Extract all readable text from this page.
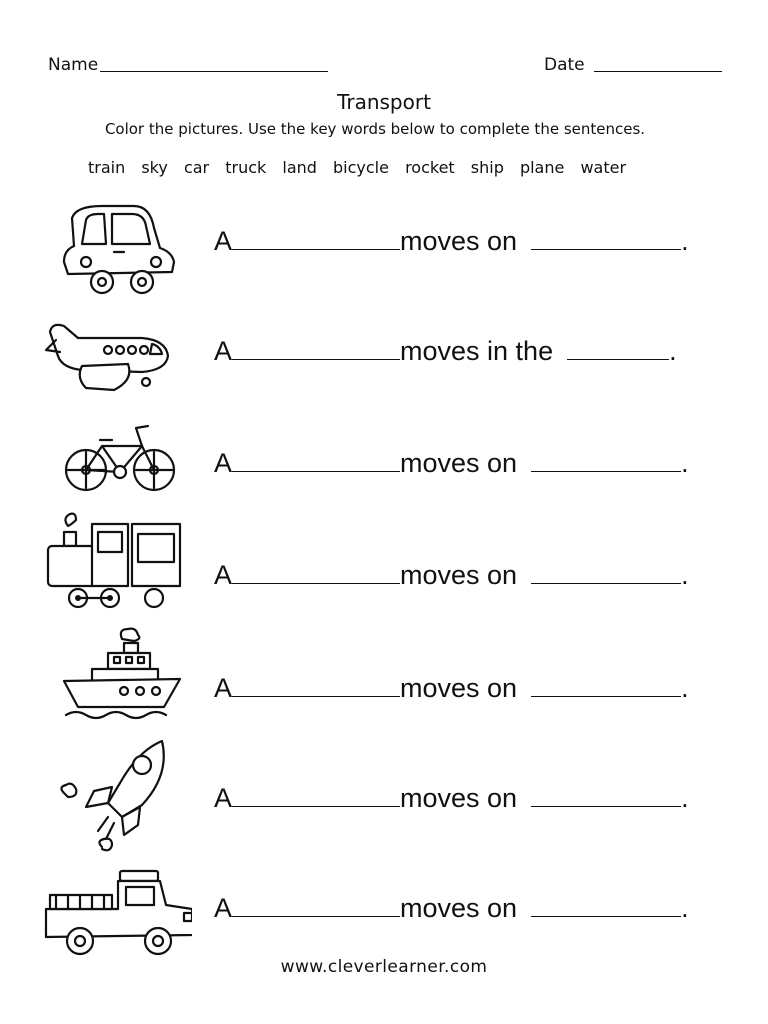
Name	Date
Transport
Color the pictures. Use the key words below to complete the sentences.
train sky car truck land bicycle rocket ship plane water
A	moves on	.
A	moves in the	.
A	moves on	.
A	moves on	.
A	moves on	.
A	moves on	.
A	moves on	.
www.cleverlearner.com
